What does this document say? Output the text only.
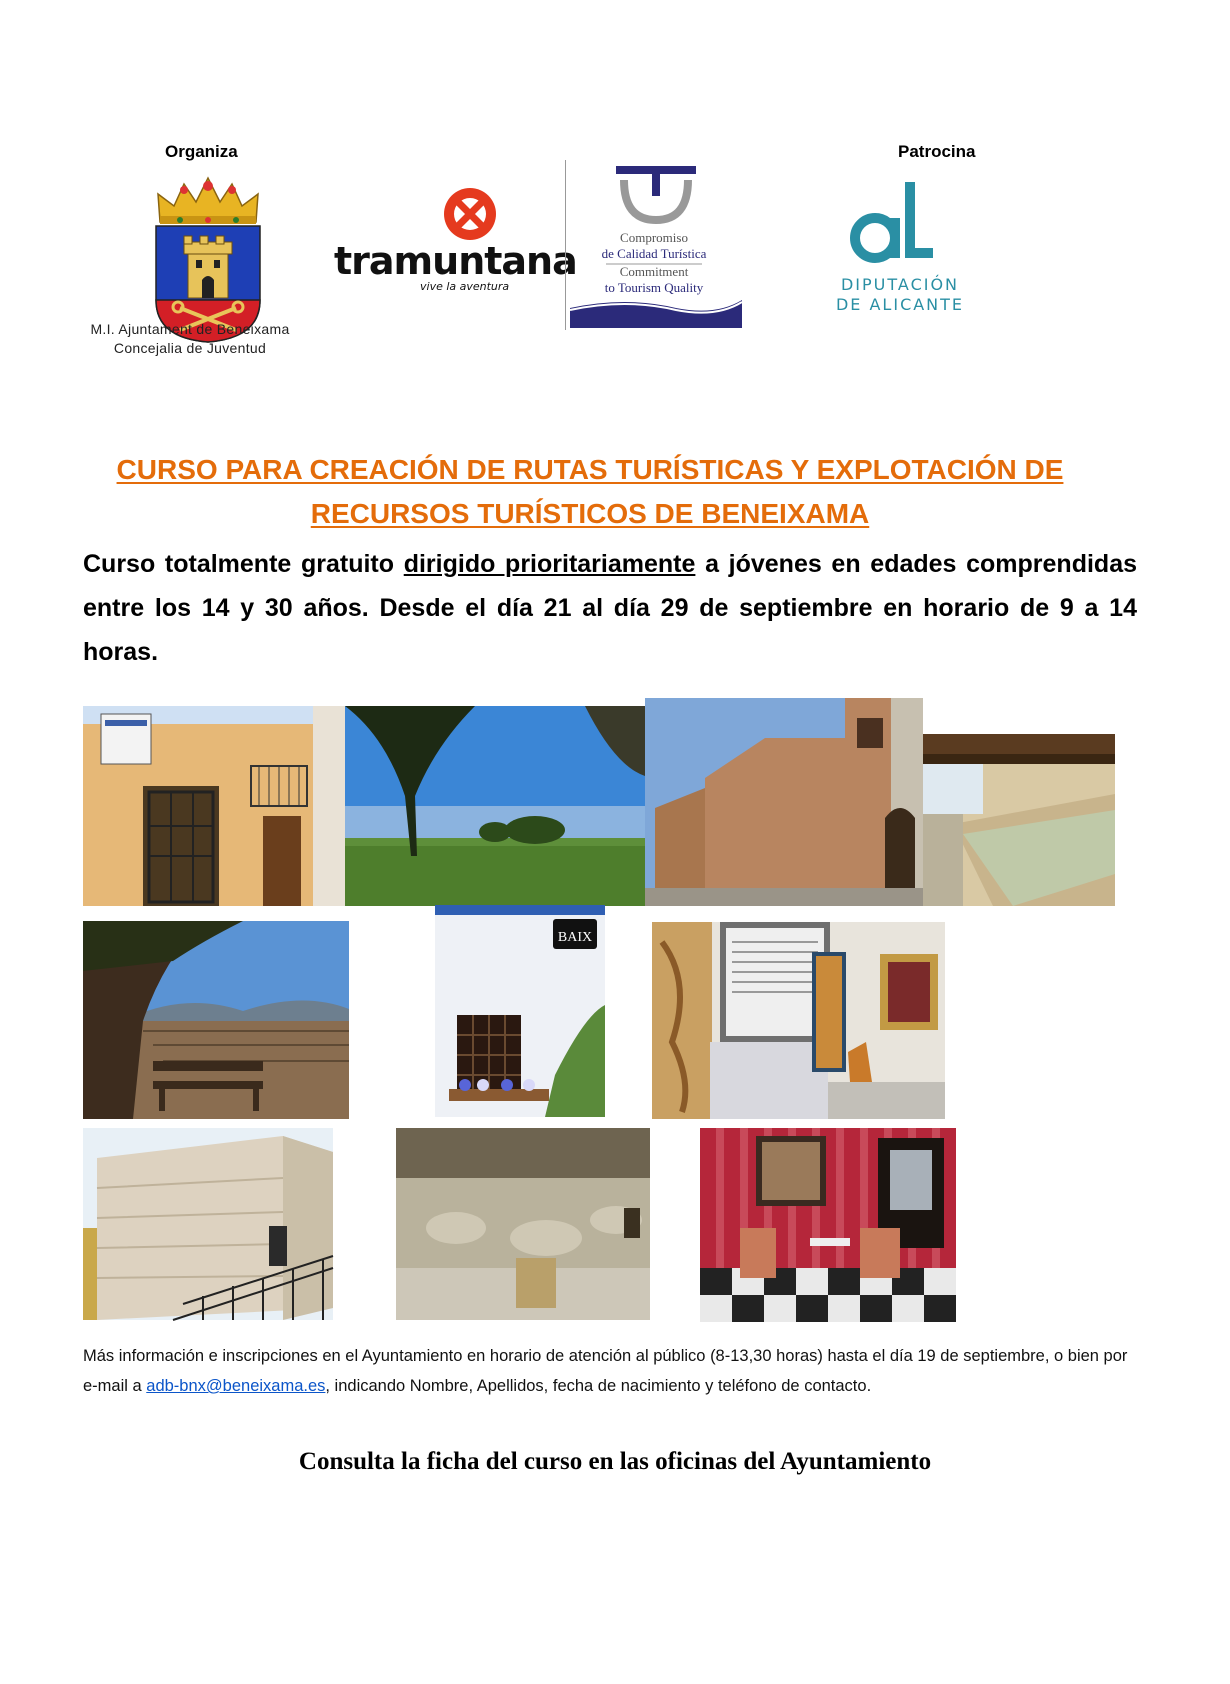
Organiza	Patrocina
M.I. Ajuntament de Beneixama
Concejalia de Juventud
tramuntana
vive la aventura
Compromiso
de Calidad Turística
Commitment
to Tourism Quality	DIPUTACIÓN
DE ALICANTE
CURSO PARA CREACIÓN DE RUTAS TURÍSTICAS Y EXPLOTACIÓN DE
RECURSOS TURÍSTICOS DE BENEIXAMA
Curso totalmente gratuito dirigido prioritariamente a jóvenes en edades comprendidas entre los 14 y 30 años. Desde el día 21 al día 29 de septiembre en horario de 9 a 14 horas.
BAIX
Más información e inscripciones en el Ayuntamiento en horario de atención al público (8-13,30 horas) hasta el día 19 de septiembre, o bien por e-mail a adb-bnx@beneixama.es, indicando Nombre, Apellidos, fecha de nacimiento y teléfono de contacto.
Consulta la ficha del curso en las oficinas del Ayuntamiento
